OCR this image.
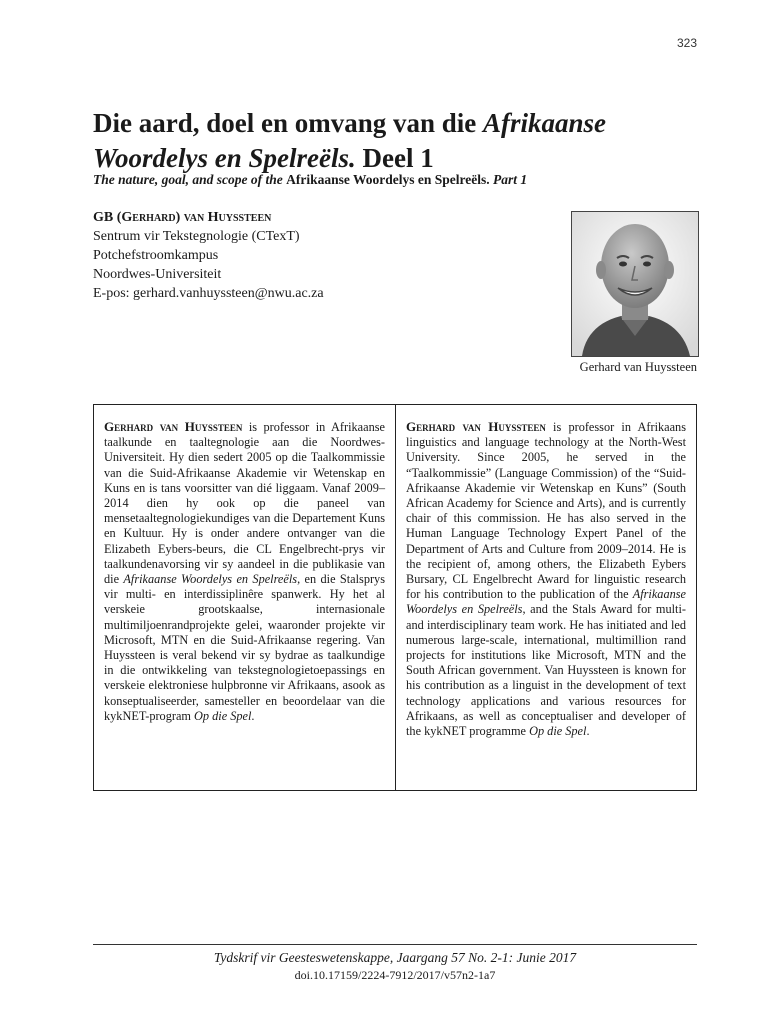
323
Die aard, doel en omvang van die Afrikaanse Woordelys en Spelreëls. Deel 1

The nature, goal, and scope of the Afrikaanse Woordelys en Spelreëls. Part 1

GB (Gerhard) van Huyssteen
Sentrum vir Tekstegnologie (CTexT)
Potchefstroomkampus
Noordwes-Universiteit
E-pos: gerhard.vanhuyssteen@nwu.ac.za
Gerhard van Huyssteen
Gerhard van Huyssteen is professor in Afrikaanse taalkunde en taaltegnologie aan die Noordwes-Universiteit. Hy dien sedert 2005 op die Taalkommissie van die Suid-Afrikaanse Akademie vir Wetenskap en Kuns en is tans voorsitter van dié liggaam. Vanaf 2009–2014 dien hy ook op die paneel van mensetaaltegnologiekundiges van die Departement Kuns en Kultuur. Hy is onder andere ontvanger van die Elizabeth Eybers-beurs, die CL Engelbrecht-prys vir taalkundenavorsing vir sy aandeel in die publikasie van die Afrikaanse Woordelys en Spelreëls, en die Stalsprys vir multi- en interdissiplinêre spanwerk. Hy het al verskeie grootskaalse, internasionale multimiljoenrandprojekte gelei, waaronder projekte vir Microsoft, MTN en die Suid-Afrikaanse regering. Van Huyssteen is veral bekend vir sy bydrae as taalkundige in die ontwikkeling van tekstegnologietoepassings en verskeie elektroniese hulpbronne vir Afrikaans, asook as konseptualiseerder, samesteller en beoordelaar van die kykNET-program Op die Spel.
Gerhard van Huyssteen is professor in Afrikaans linguistics and language technology at the North-West University. Since 2005, he served in the “Taalkommissie” (Language Commission) of the “Suid-Afrikaanse Akademie vir Wetenskap en Kuns” (South African Academy for Science and Arts), and is currently chair of this commission. He has also served in the Human Language Technology Expert Panel of the Department of Arts and Culture from 2009–2014. He is the recipient of, among others, the Elizabeth Eybers Bursary, CL Engelbrecht Award for linguistic research for his contribution to the publication of the Afrikaanse Woordelys en Spelreëls, and the Stals Award for multi- and interdisciplinary team work. He has initiated and led numerous large-scale, international, multimillion rand projects for institutions like Microsoft, MTN and the South African government. Van Huyssteen is known for his contribution as a linguist in the development of text technology applications and various resources for Afrikaans, as well as conceptualiser and developer of the kykNET programme Op die Spel.
Tydskrif vir Geesteswetenskappe, Jaargang 57 No. 2-1: Junie 2017
doi.10.17159/2224-7912/2017/v57n2-1a7
